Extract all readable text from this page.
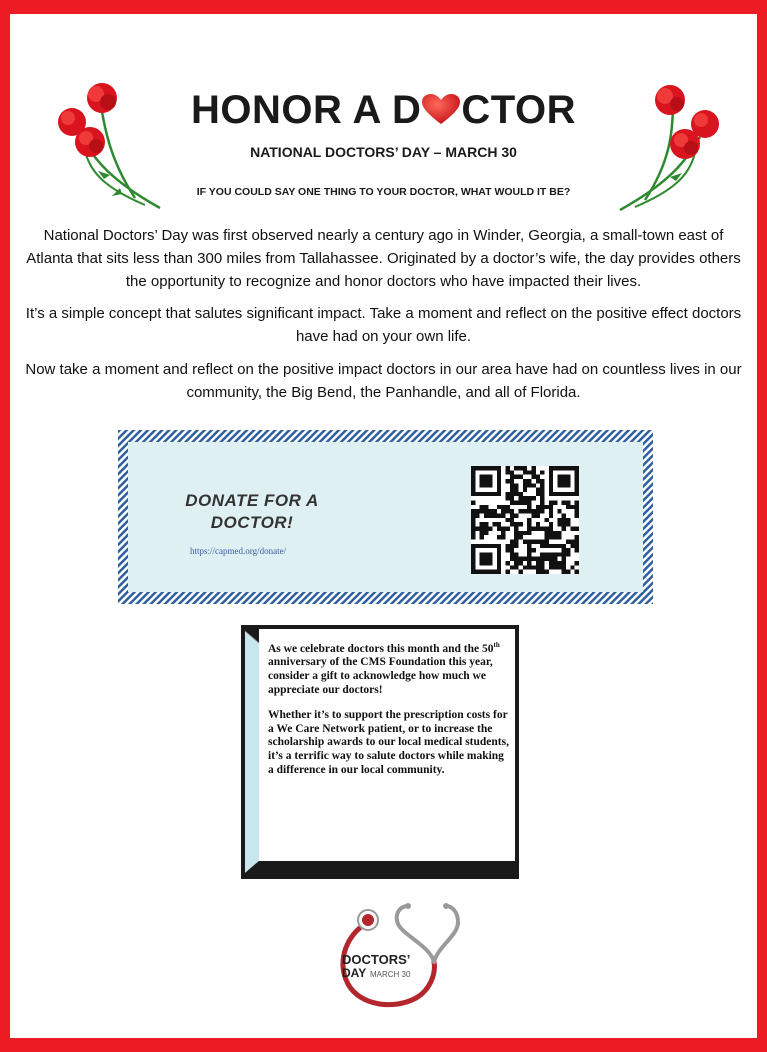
HONOR A D CTOR
NATIONAL DOCTORS’ DAY – MARCH 30
IF YOU COULD SAY ONE THING TO YOUR DOCTOR, WHAT WOULD IT BE?

National Doctors’ Day was first observed nearly a century ago in Winder, Georgia, a small-town east of Atlanta that sits less than 300 miles from Tallahassee. Originated by a doctor’s wife, the day provides others the opportunity to recognize and honor doctors who have impacted their lives.

It’s a simple concept that salutes significant impact. Take a moment and reflect on the positive effect doctors have had on your own life.

Now take a moment and reflect on the positive impact doctors in our area have had on countless lives in our community, the Big Bend, the Panhandle, and all of Florida.

DONATE FOR A
DOCTOR!
https://capmed.org/donate/

As we celebrate doctors this month and the 50th anniversary of the CMS Foundation this year, consider a gift to acknowledge how much we appreciate our doctors!

Whether it’s to support the prescription costs for a We Care Network patient, or to increase the scholarship awards to our local medical students, it’s a terrific way to salute doctors while making a difference in our local community.

DOCTORS’
DAY MARCH 30
